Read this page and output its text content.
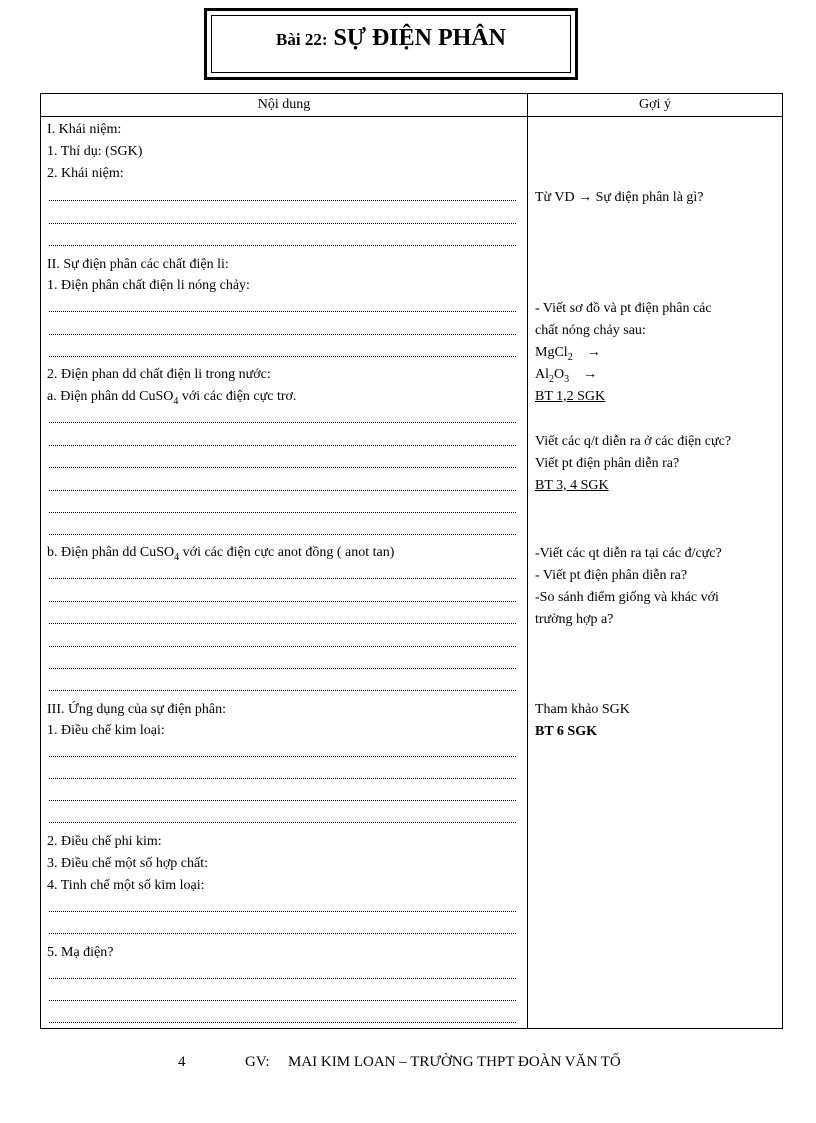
Bài 22: SỰ ĐIỆN PHÂN
Nội dung	Gợi ý
I. Khái niệm:
1. Thí dụ: (SGK)
2. Khái niệm:
II. Sự điện phân các chất điện li:
1. Điện phân chất điện li nóng chảy:
2. Điện phan dd chất điện li trong nước:
a. Điện phân dd CuSO$_4$ với các điện cực trơ.
b. Điện phân dd CuSO$_4$ với các điện cực anot đồng ( anot tan)
III. Ứng dụng của sự điện phân:
1. Điều chế kim loại:
2. Điều chế phi kim:
3. Điều chế một số hợp chất:
4. Tinh chế một số kim loại:
5. Mạ điện?
Từ VD → Sự điện phân là gì?
- Viết sơ đồ và pt điện phân các
chất nóng chảy sau:
MgCl$_2$ →
$Al_2O_3$ →
BT 1,2 SGK
Viết các q/t diễn ra ở các điện cực?
Viết pt điện phân diễn ra?
BT 3, 4 SGK
-Viết các qt diễn ra tại các đ/cực?
- Viết pt điện phân diễn ra?
-So sánh điểm giống và khác với
trường hợp a?
Tham khảo SGK
BT 6 SGK
4	GV: MAI KIM LOAN – TRƯỜNG THPT ĐOÀN VĂN TỐ
